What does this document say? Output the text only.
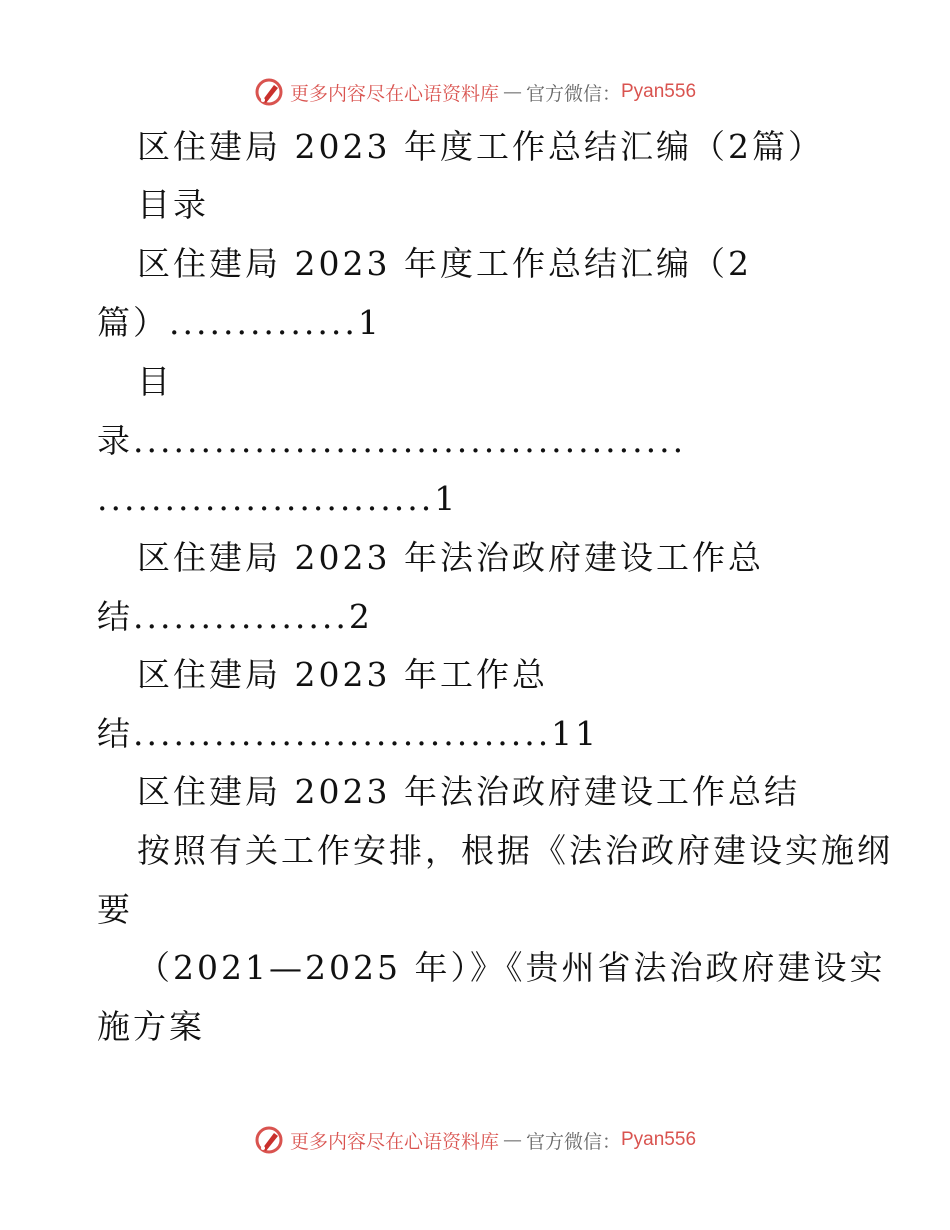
更多内容尽在心语资料库 — 官方微信： Pyan556
区住建局 2023 年度工作总结汇编（2篇）
目录
区住建局 2023 年度工作总结汇编（2
篇）..............1
目
录.........................................
.........................1
区住建局 2023 年法治政府建设工作总
结................2
区住建局 2023 年工作总
结...............................11
区住建局 2023 年法治政府建设工作总结
按照有关工作安排，根据《法治政府建设实施纲
要
（2021—2025 年）》《贵州省法治政府建设实
施方案
更多内容尽在心语资料库 — 官方微信： Pyan556
